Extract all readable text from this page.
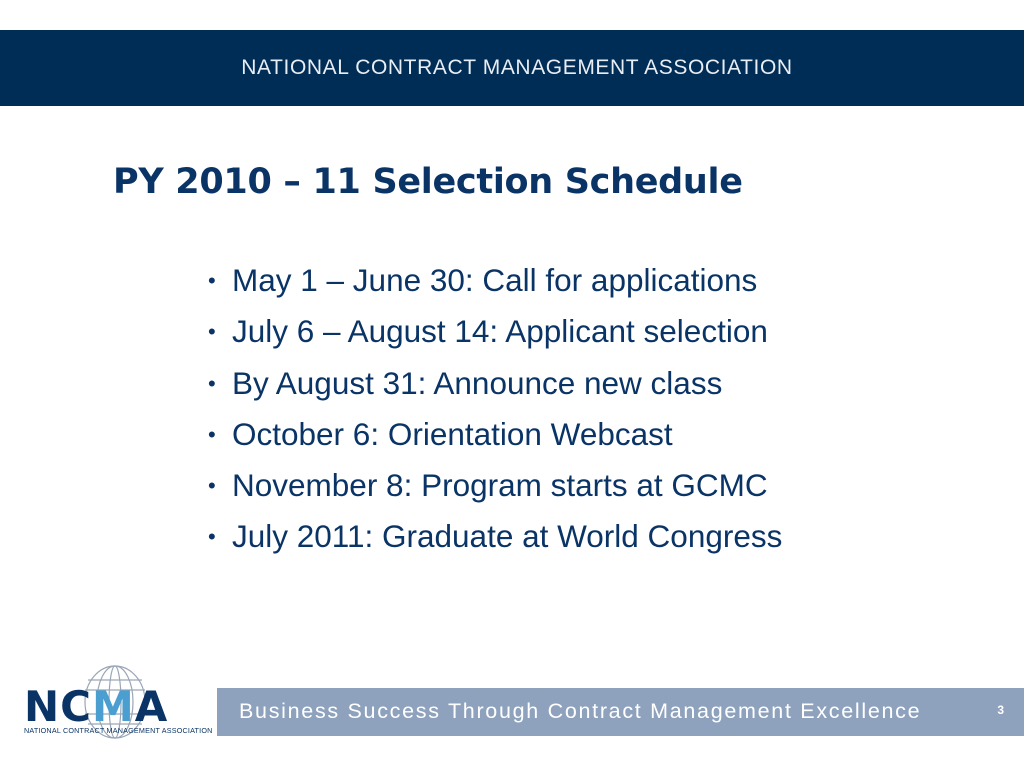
NATIONAL CONTRACT MANAGEMENT ASSOCIATION
PY 2010 – 11 Selection Schedule
• May 1 – June 30: Call for applications
• July 6 – August 14: Applicant selection
• By August 31: Announce new class
• October 6: Orientation Webcast
• November 8: Program starts at GCMC
• July 2011: Graduate at World Congress
NCMA
NATIONAL CONTRACT MANAGEMENT ASSOCIATION
Business Success Through Contract Management Excellence	3
